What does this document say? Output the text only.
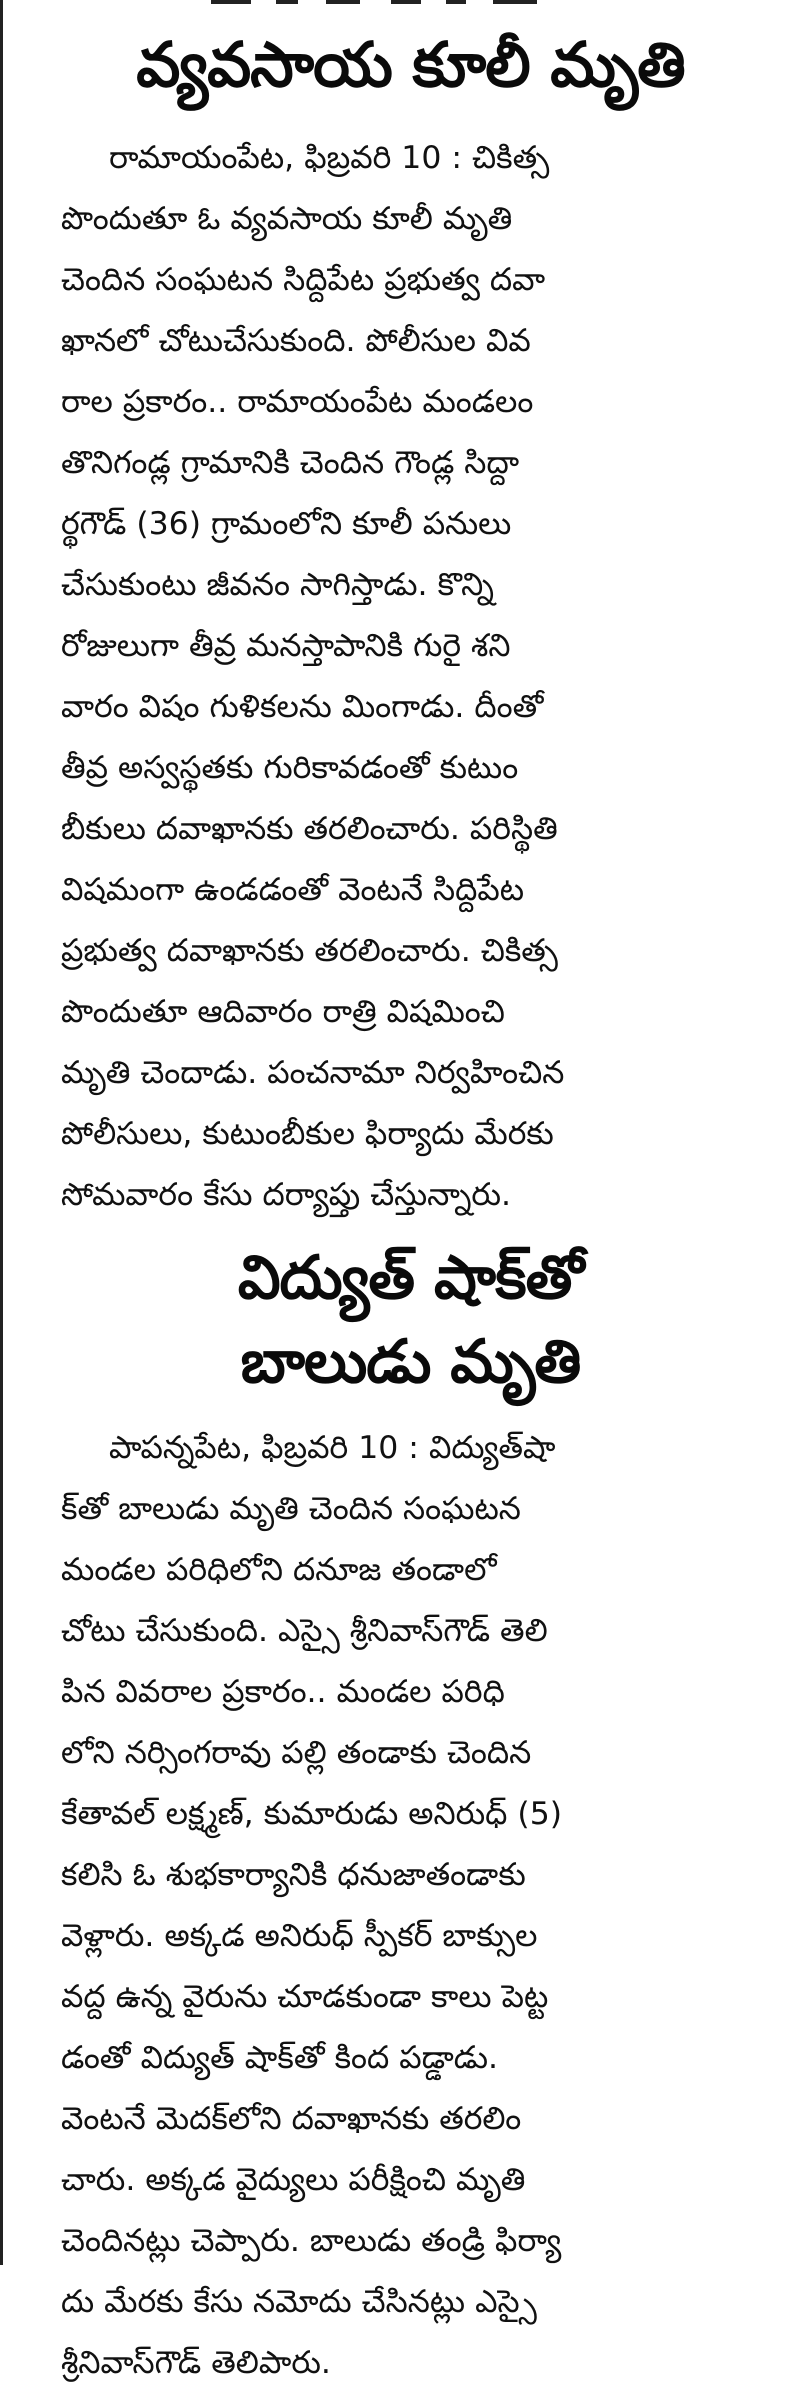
వ్యవసాయ కూలీ మృతి
రామాయంపేట, ఫిబ్రవరి 10 : చికిత్స
పొందుతూ ఓ వ్యవసాయ కూలీ మృతి
చెందిన సంఘటన సిద్దిపేట ప్రభుత్వ దవా
ఖానలో చోటుచేసుకుంది. పోలీసుల వివ
రాల ప్రకారం.. రామాయంపేట మండలం
తొనిగండ్ల గ్రామానికి చెందిన గౌండ్ల సిద్దా
ర్థగౌడ్ (36) గ్రామంలోని కూలీ పనులు
చేసుకుంటు జీవనం సాగిస్తాడు. కొన్ని
రోజులుగా తీవ్ర మనస్తాపానికి గురై శని
వారం విషం గుళికలను మింగాడు. దీంతో
తీవ్ర అస్వస్థతకు గురికావడంతో కుటుం
బీకులు దవాఖానకు తరలించారు. పరిస్థితి
విషమంగా ఉండడంతో వెంటనే సిద్దిపేట
ప్రభుత్వ దవాఖానకు తరలించారు. చికిత్స
పొందుతూ ఆదివారం రాత్రి విషమించి
మృతి చెందాడు. పంచనామా నిర్వహించిన
పోలీసులు, కుటుంబీకుల ఫిర్యాదు మేరకు
సోమవారం కేసు దర్యాప్తు చేస్తున్నారు.
విద్యుత్ షాక్‌తో
బాలుడు మృతి
పాపన్నపేట, ఫిబ్రవరి 10 : విద్యుత్‌షా
క్‌తో బాలుడు మృతి చెందిన సంఘటన
మండల పరిధిలోని దనూజ తండాలో
చోటు చేసుకుంది. ఎస్సై శ్రీనివాస్‌గౌడ్ తెలి
పిన వివరాల ప్రకారం.. మండల పరిధి
లోని నర్సింగరావు పల్లి తండాకు చెందిన
కేతావల్ లక్ష్మణ్, కుమారుడు అనిరుధ్ (5)
కలిసి ఓ శుభకార్యానికి ధనుజాతండాకు
వెళ్లారు. అక్కడ అనిరుధ్ స్పీకర్ బాక్సుల
వద్ద ఉన్న వైరును చూడకుండా కాలు పెట్ట
డంతో విద్యుత్ షాక్‌తో కింద పడ్డాడు.
వెంటనే మెదక్‌లోని దవాఖానకు తరలిం
చారు. అక్కడ వైద్యులు పరీక్షించి మృతి
చెందినట్లు చెప్పారు. బాలుడు తండ్రి ఫిర్యా
దు మేరకు కేసు నమోదు చేసినట్లు ఎస్సై
శ్రీనివాస్‌గౌడ్ తెలిపారు.
